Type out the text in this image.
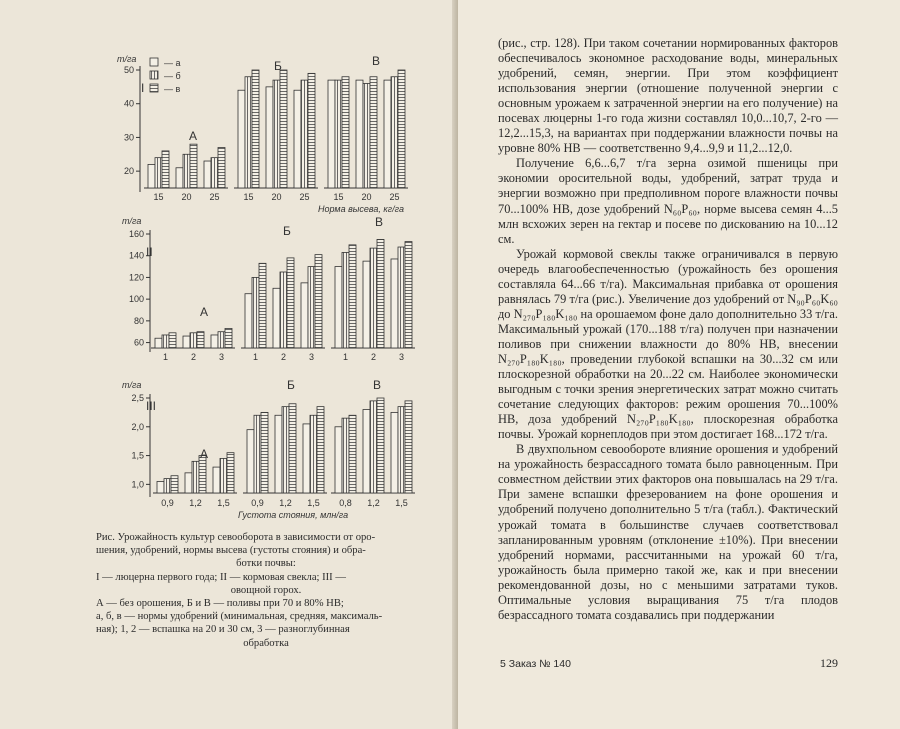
20
30
40
50
т/га
I
15 20 25
А
15 20 25
Б
15 20 25
В
Норма высева, кг/га
— а
— б
— в
60
80
100
120
140
160
т/га
II
1	2	3
А
1	2	3
Б
1	2	3
В
1,0
1,5
2,0
2,5
т/га
III
0,9 1,2 1,5
А
0,9 1,2 1,5
Б
0,8 1,2 1,5
В
Густота стояния, млн/га

Рис. Урожайность культур севооборота в зависимости от оро-

шения, удобрений, нормы высева (густоты стояния) и обра-

ботки почвы:

I — люцерна первого года; II — кормовая свекла; III —

овощной горох.

А — без орошения, Б и В — поливы при 70 и 80% НВ;

а, б, в — нормы удобрений (минимальная, средняя, максималь-

ная); 1, 2 — вспашка на 20 и 30 см, 3 — разноглубинная

обработка

(рис., стр. 128). При таком сочетании нормированных факторов обеспечивалось экономное расходование воды, минеральных удобрений, семян, энергии. При этом коэффициент использования энергии (отношение полученной энергии с основным урожаем к затраченной энергии на его получение) на посевах люцерны 1-го года жизни составлял 10,0...10,7, 2-го — 12,2...15,3, на вариантах при поддержании влажности почвы на уровне 80% НВ — соответственно 9,4...9,9 и 11,2...12,0.

Получение 6,6...6,7 т/га зерна озимой пшеницы при экономии оросительной воды, удобрений, затрат труда и энергии возможно при предполивном пороге влажности почвы 70...100% НВ, дозе удобрений N₆₀P₆₀, норме высева семян 4...5 млн всхожих зерен на гектар и посеве по дискованию на 10...12 см.

Урожай кормовой свеклы также ограничивался в первую очередь влагообеспеченностью (урожайность без орошения составляла 64...66 т/га). Максимальная прибавка от орошения равнялась 79 т/га (рис.). Увеличение доз удобрений от N₉₀P₆₀K₆₀ до N₂₇₀P₁₈₀K₁₈₀ на орошаемом фоне дало дополнительно 33 т/га. Максимальный урожай (170...188 т/га) получен при назначении поливов при снижении влажности до 80% НВ, внесении N₂₇₀P₁₈₀K₁₈₀, проведении глубокой вспашки на 30...32 см или плоскорезной обработки на 20...22 см. Наиболее экономически выгодным с точки зрения энергетических затрат можно считать сочетание следующих факторов: режим орошения 70...100% НВ, доза удобрений N₂₇₀P₁₈₀K₁₈₀, плоскорезная обработка почвы. Урожай корнеплодов при этом достигает 168...172 т/га.

В двухпольном севообороте влияние орошения и удобрений на урожайность безрассадного томата было равноценным. При совместном действии этих факторов она повышалась на 29 т/га. При замене вспашки фрезерованием на фоне орошения и удобрений получено дополнительно 5 т/га (табл.). Фактический урожай томата в большинстве случаев соответствовал запланированным уровням (отклонение ±10%). При внесении удобрений нормами, рассчитанными на урожай 60 т/га, урожайность была примерно такой же, как и при внесении рекомендованной дозы, но с меньшими затратами туков. Оптимальные условия выращивания 75 т/га плодов безрассадного томата создавались при поддержании

5 Заказ № 140	129
